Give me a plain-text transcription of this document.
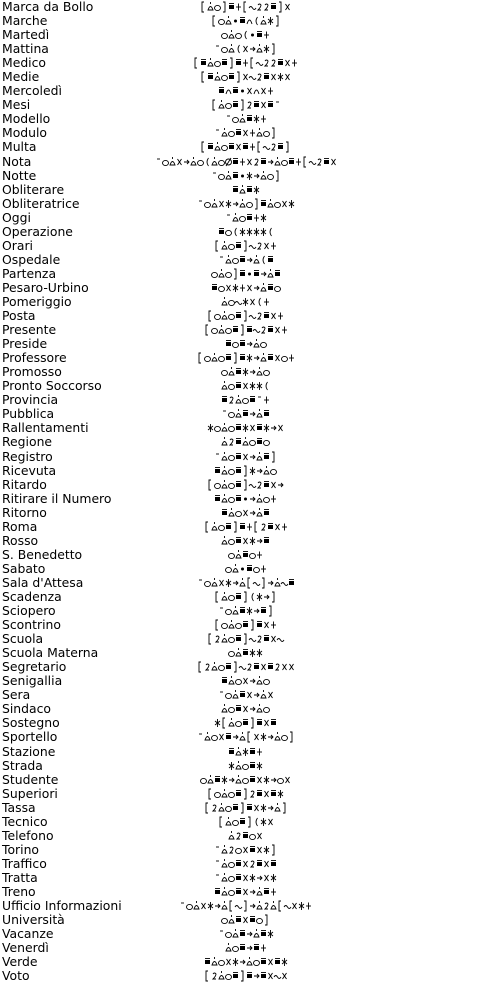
Marca da Bollo
Marche
Martedì
Mattina
Medico
Medie
Mercoledì
Mesi
Modello
Modulo
Multa
Nota
Notte
Obliterare
Obliteratrice
Oggi
Operazione
Orari
Ospedale
Partenza
Pesaro-Urbino
Pomeriggio
Posta
Presente
Preside
Professore
Promosso
Pronto Soccorso
Provincia
Pubblica
Rallentamenti
Regione
Registro
Ricevuta
Ritardo
Ritirare il Numero
Ritorno
Roma
Rosso
S. Benedetto
Sabato
Sala d'Attesa
Scadenza
Sciopero
Scontrino
Scuola
Scuola Materna
Segretario
Senigallia
Sera
Sindaco
Sostegno
Sportello
Stazione
Strada
Studente
Superiori
Tassa
Tecnico
Telefono
Torino
Traffico
Tratta
Treno
Ufficio Informazioni
Università
Vacanze
Venerdì
Verde
Voto
